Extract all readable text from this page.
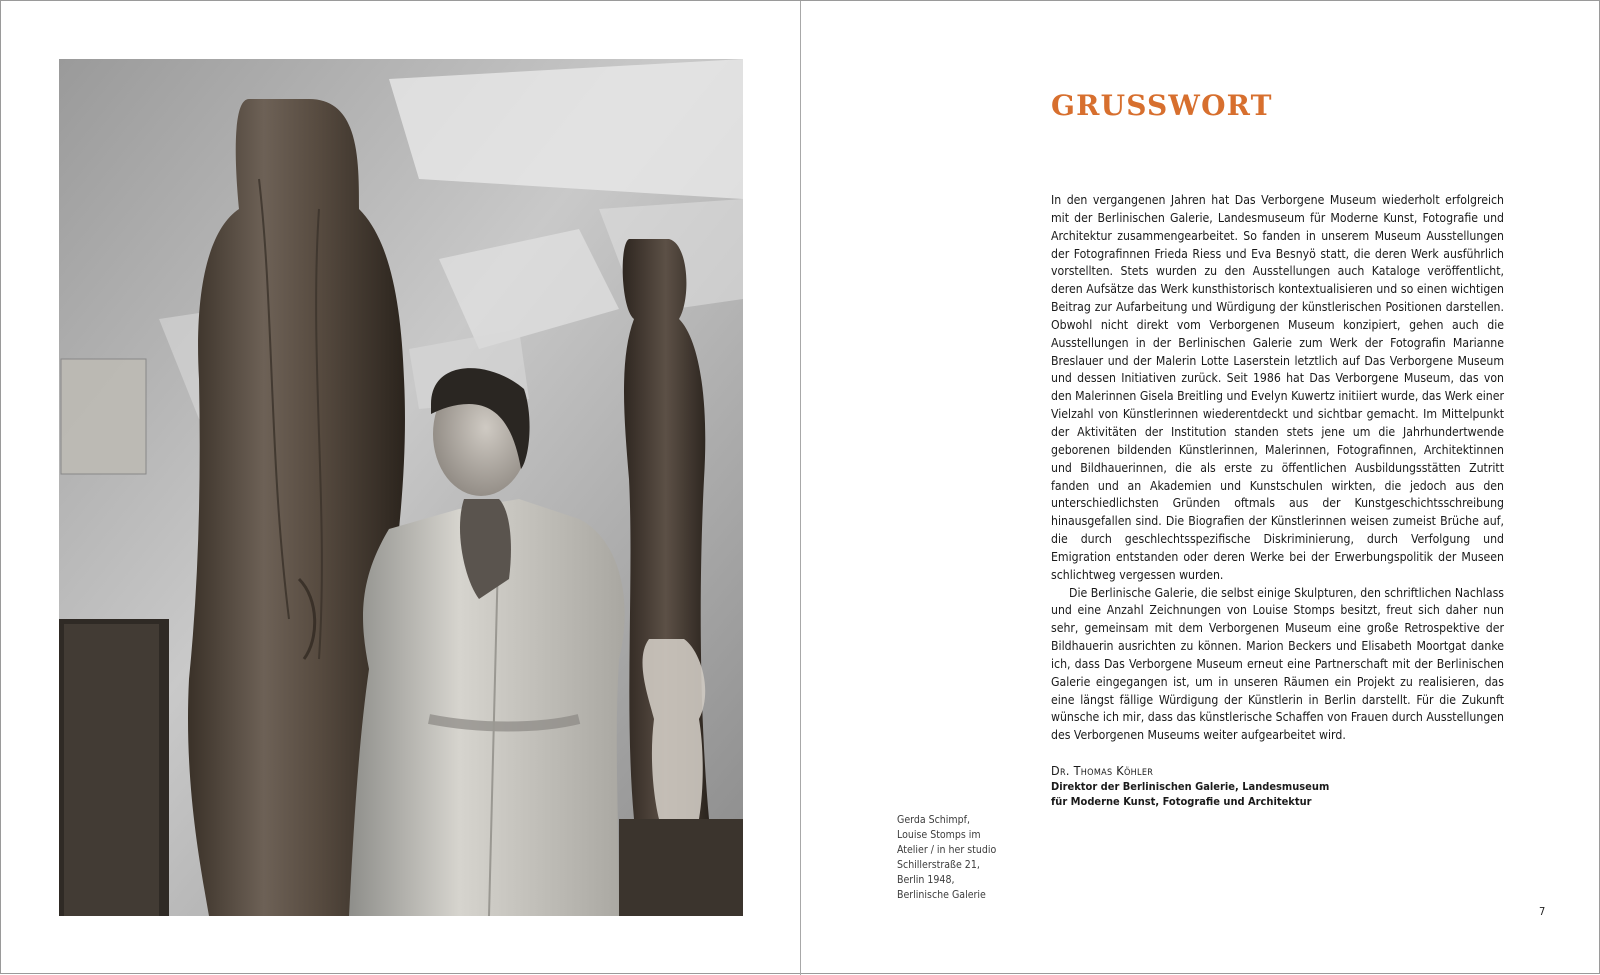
Gerda Schimpf,
Louise Stomps im
Atelier / in her studio
Schillerstraße 21,
Berlin 1948,
Berlinische Galerie
GRUSSWORT

In den vergangenen Jahren hat Das Verborgene Museum wiederholt erfolgreich mit der Berlinischen Galerie, Landesmuseum für Moderne Kunst, Fotografie und Architektur zusammengearbeitet. So fanden in unserem Museum Ausstellungen der Fotografinnen Frieda Riess und Eva Besnyö statt, die deren Werk ausführlich vorstellten. Stets wurden zu den Ausstellungen auch Kataloge veröffentlicht, deren Aufsätze das Werk kunsthistorisch kontextualisieren und so einen wichtigen Beitrag zur Aufarbeitung und Würdigung der künstlerischen Positionen darstellen. Obwohl nicht direkt vom Verborgenen Museum konzipiert, gehen auch die Ausstellungen in der Berlinischen Galerie zum Werk der Fotografin Marianne Breslauer und der Malerin Lotte Laserstein letztlich auf Das Verborgene Museum und dessen Initiativen zurück. Seit 1986 hat Das Verborgene Museum, das von den Malerinnen Gisela Breitling und Evelyn Kuwertz initiiert wurde, das Werk einer Vielzahl von Künstlerinnen wiederentdeckt und sichtbar gemacht. Im Mittelpunkt der Aktivitäten der Institution standen stets jene um die Jahrhundertwende geborenen bildenden Künstlerinnen, Malerinnen, Fotografinnen, Architektinnen und Bildhauerinnen, die als erste zu öffentlichen Ausbildungsstätten Zutritt fanden und an Akademien und Kunstschulen wirkten, die jedoch aus den unterschiedlichsten Gründen oftmals aus der Kunstgeschichtsschreibung hinausgefallen sind. Die Biografien der Künstlerinnen weisen zumeist Brüche auf, die durch geschlechtsspezifische Diskriminierung, durch Verfolgung und Emigration entstanden oder deren Werke bei der Erwerbungspolitik der Museen schlichtweg vergessen wurden.

Die Berlinische Galerie, die selbst einige Skulpturen, den schriftlichen Nachlass und eine Anzahl Zeichnungen von Louise Stomps besitzt, freut sich daher nun sehr, gemeinsam mit dem Verborgenen Museum eine große Retrospektive der Bildhauerin ausrichten zu können. Marion Beckers und Elisabeth Moortgat danke ich, dass Das Verborgene Museum erneut eine Partnerschaft mit der Berlinischen Galerie eingegangen ist, um in unseren Räumen ein Projekt zu realisieren, das eine längst fällige Würdigung der Künstlerin in Berlin darstellt. Für die Zukunft wünsche ich mir, dass das künstlerische Schaffen von Frauen durch Ausstellungen des Verborgenen Museums weiter aufgearbeitet wird.

Dr. Thomas Köhler
Direktor der Berlinischen Galerie, Landesmuseum
für Moderne Kunst, Fotografie und Architektur
7
